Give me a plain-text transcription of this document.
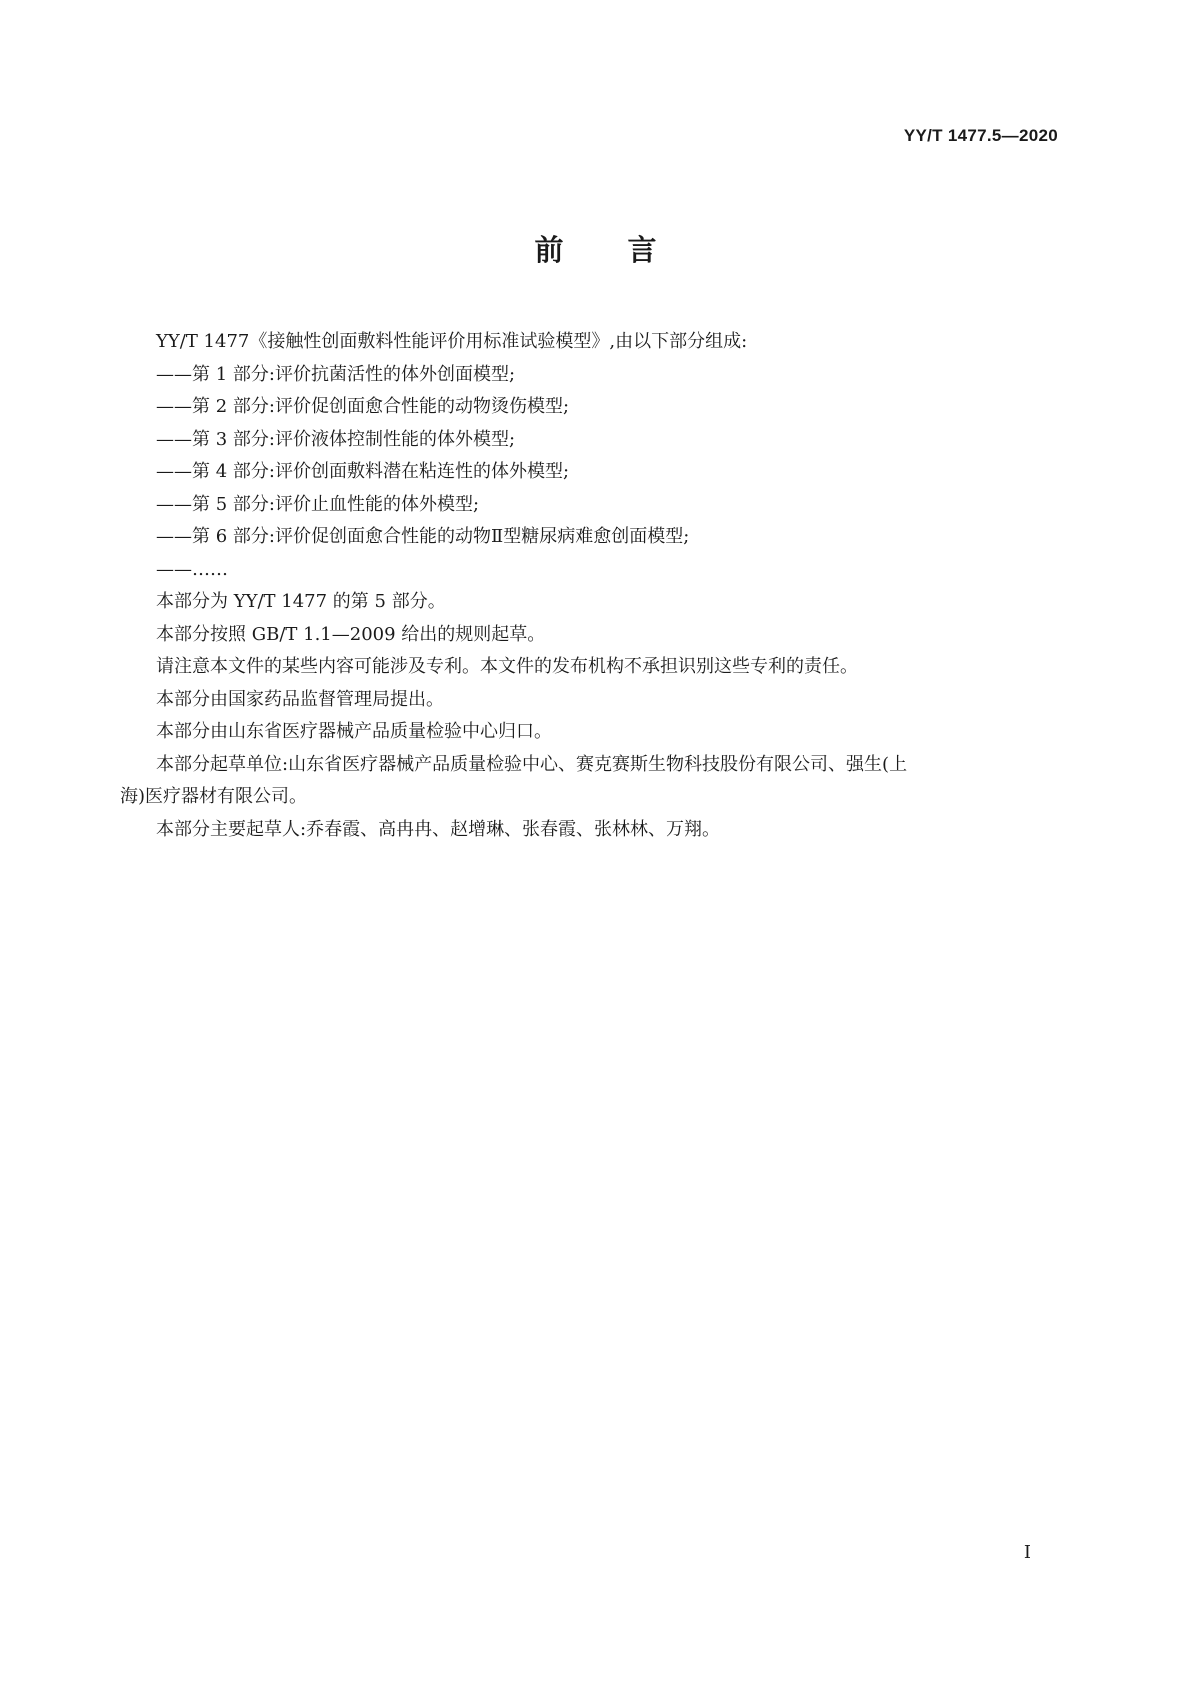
YY/T 1477.5—2020
前言

YY/T 1477《接触性创面敷料性能评价用标准试验模型》,由以下部分组成:

——第 1 部分:评价抗菌活性的体外创面模型;

——第 2 部分:评价促创面愈合性能的动物烫伤模型;

——第 3 部分:评价液体控制性能的体外模型;

——第 4 部分:评价创面敷料潜在粘连性的体外模型;

——第 5 部分:评价止血性能的体外模型;

——第 6 部分:评价促创面愈合性能的动物Ⅱ型糖尿病难愈创面模型;

——……

本部分为 YY/T 1477 的第 5 部分。

本部分按照 GB/T 1.1—2009 给出的规则起草。

请注意本文件的某些内容可能涉及专利。本文件的发布机构不承担识别这些专利的责任。

本部分由国家药品监督管理局提出。

本部分由山东省医疗器械产品质量检验中心归口。

本部分起草单位:山东省医疗器械产品质量检验中心、赛克赛斯生物科技股份有限公司、强生(上
海)医疗器材有限公司。

本部分主要起草人:乔春霞、高冉冉、赵增琳、张春霞、张林林、万翔。

I
